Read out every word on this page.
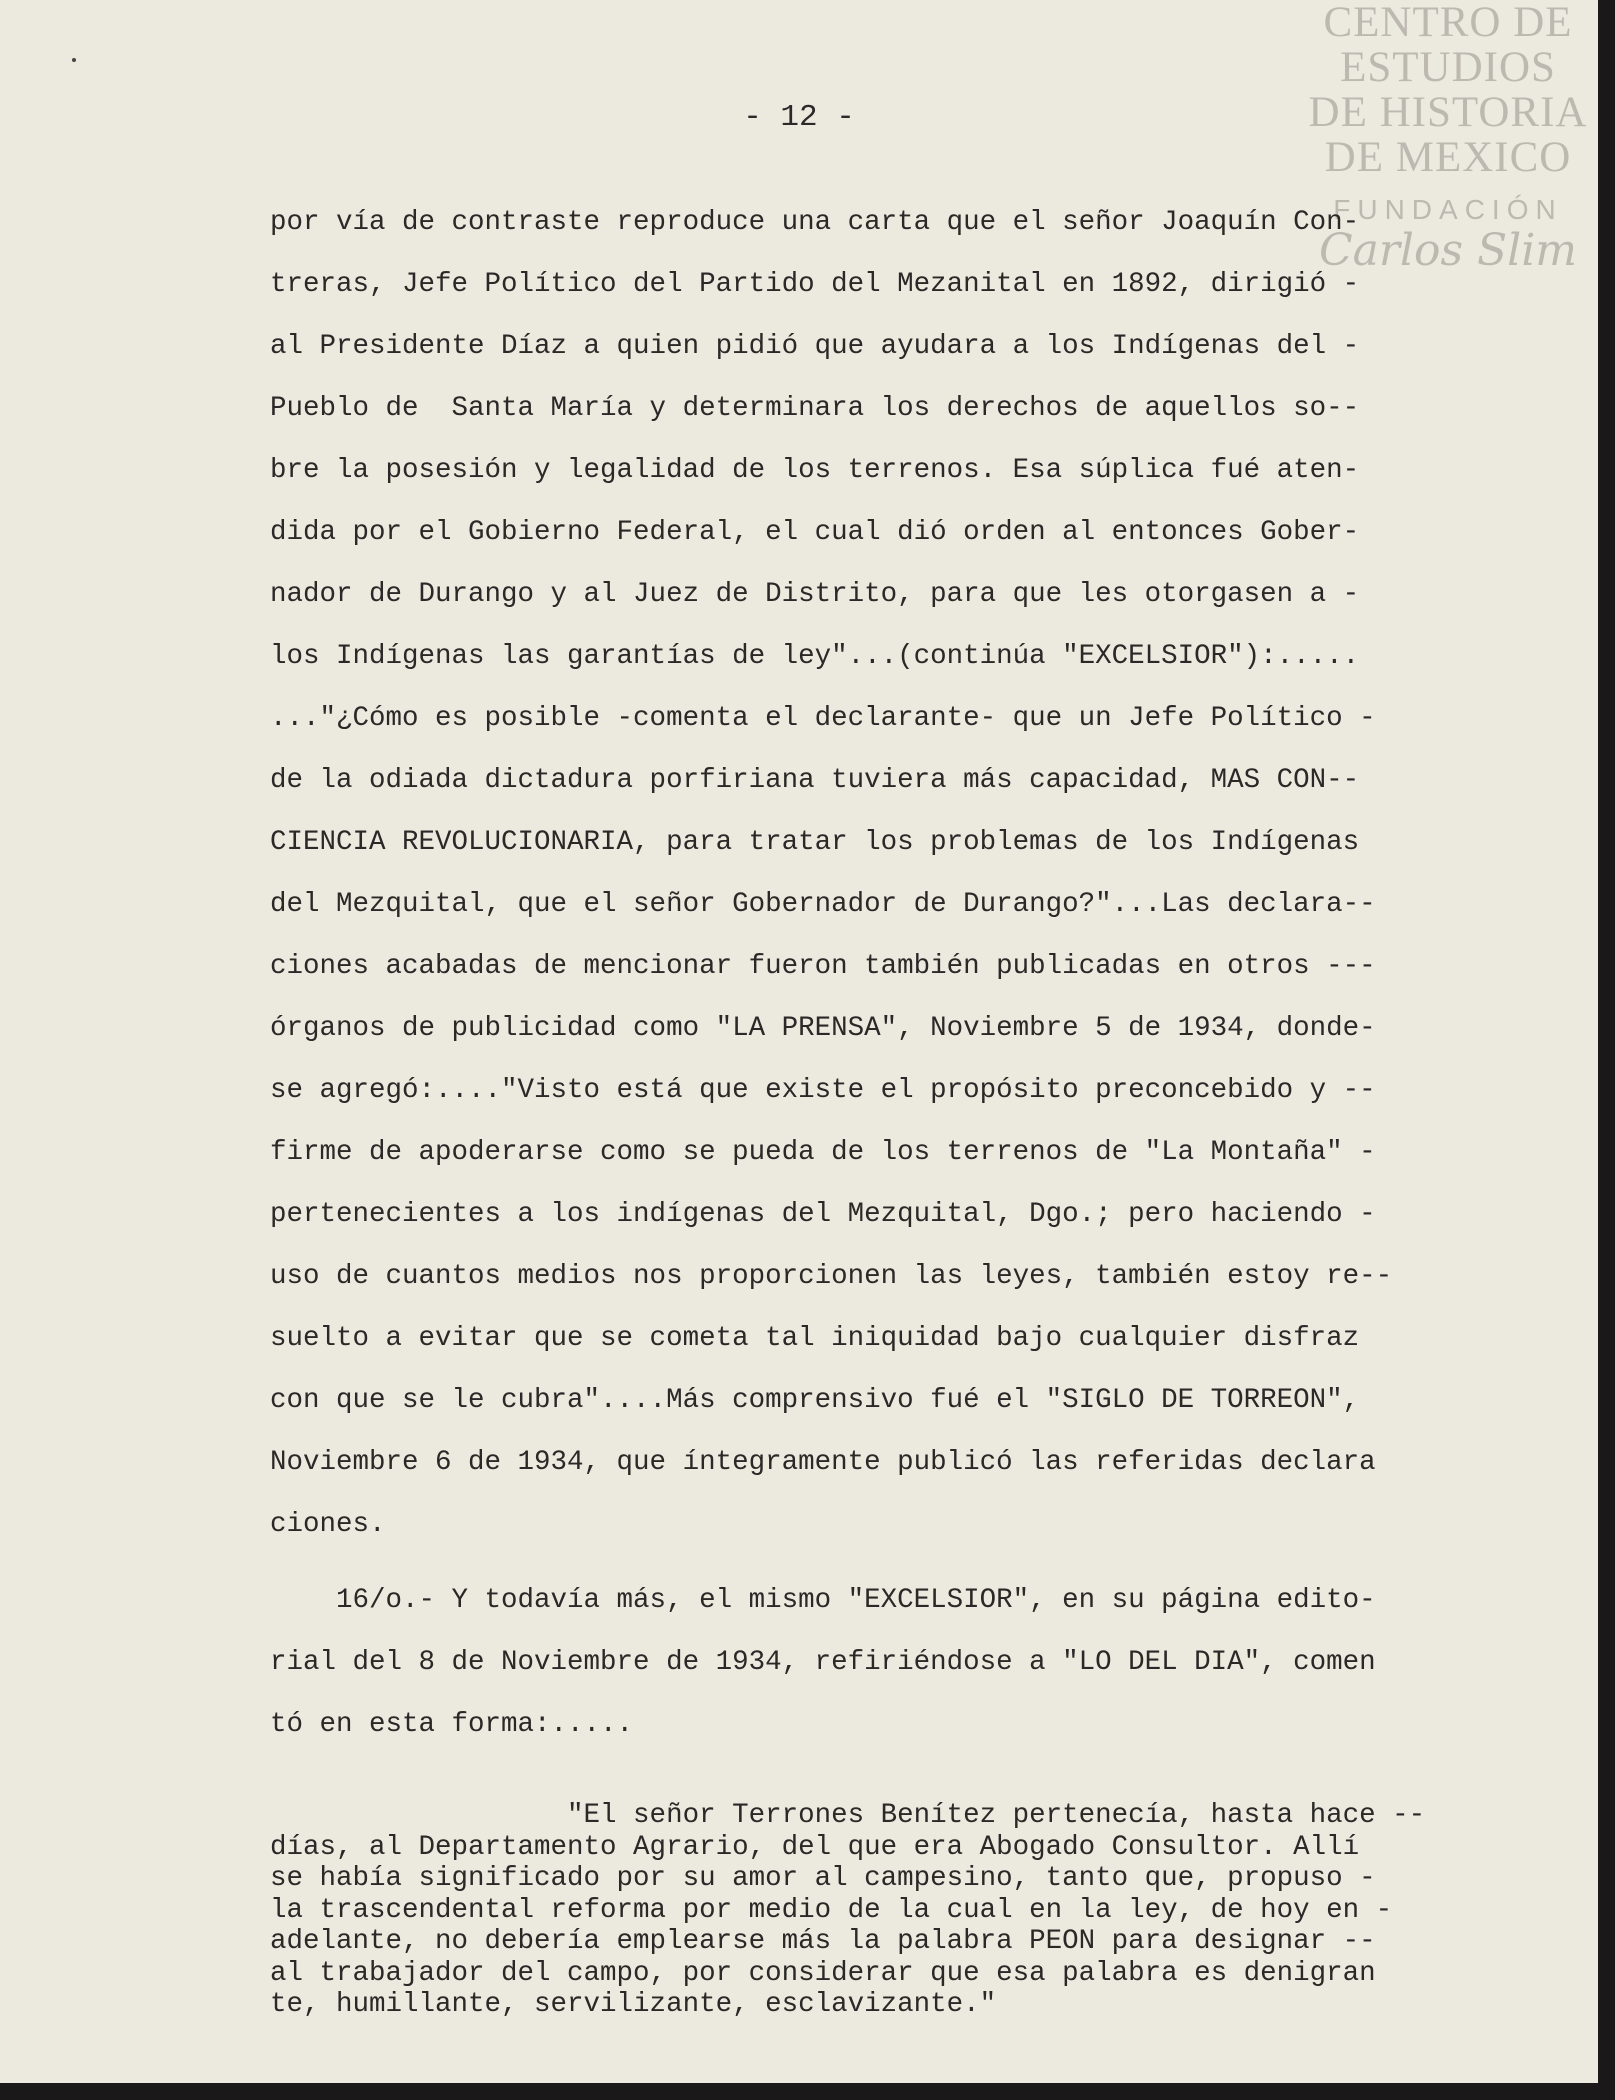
CENTRO DE
ESTUDIOS
DE HISTORIA
DE MEXICO
FUNDACIÓN
Carlos Slim
- 12 -
por vía de contraste reproduce una carta que el señor Joaquín Con-
treras, Jefe Político del Partido del Mezanital en 1892, dirigió -
al Presidente Díaz a quien pidió que ayudara a los Indígenas del -
Pueblo de  Santa María y determinara los derechos de aquellos so--
bre la posesión y legalidad de los terrenos. Esa súplica fué aten-
dida por el Gobierno Federal, el cual dió orden al entonces Gober-
nador de Durango y al Juez de Distrito, para que les otorgasen a -
los Indígenas las garantías de ley"...(continúa "EXCELSIOR"):.....
..."¿Cómo es posible -comenta el declarante- que un Jefe Político -
de la odiada dictadura porfiriana tuviera más capacidad, MAS CON--
CIENCIA REVOLUCIONARIA, para tratar los problemas de los Indígenas
del Mezquital, que el señor Gobernador de Durango?"...Las declara--
ciones acabadas de mencionar fueron también publicadas en otros ---
órganos de publicidad como "LA PRENSA", Noviembre 5 de 1934, donde-
se agregó:...."Visto está que existe el propósito preconcebido y --
firme de apoderarse como se pueda de los terrenos de "La Montaña" -
pertenecientes a los indígenas del Mezquital, Dgo.; pero haciendo -
uso de cuantos medios nos proporcionen las leyes, también estoy re--
suelto a evitar que se cometa tal iniquidad bajo cualquier disfraz
con que se le cubra"....Más comprensivo fué el "SIGLO DE TORREON",
Noviembre 6 de 1934, que íntegramente publicó las referidas declara
ciones.
16/o.- Y todavía más, el mismo "EXCELSIOR", en su página edito-
rial del 8 de Noviembre de 1934, refiriéndose a "LO DEL DIA", comen
tó en esta forma:.....
"El señor Terrones Benítez pertenecía, hasta hace --
días, al Departamento Agrario, del que era Abogado Consultor. Allí
se había significado por su amor al campesino, tanto que, propuso -
la trascendental reforma por medio de la cual en la ley, de hoy en -
adelante, no debería emplearse más la palabra PEON para designar --
al trabajador del campo, por considerar que esa palabra es denigran
te, humillante, servilizante, esclavizante."
